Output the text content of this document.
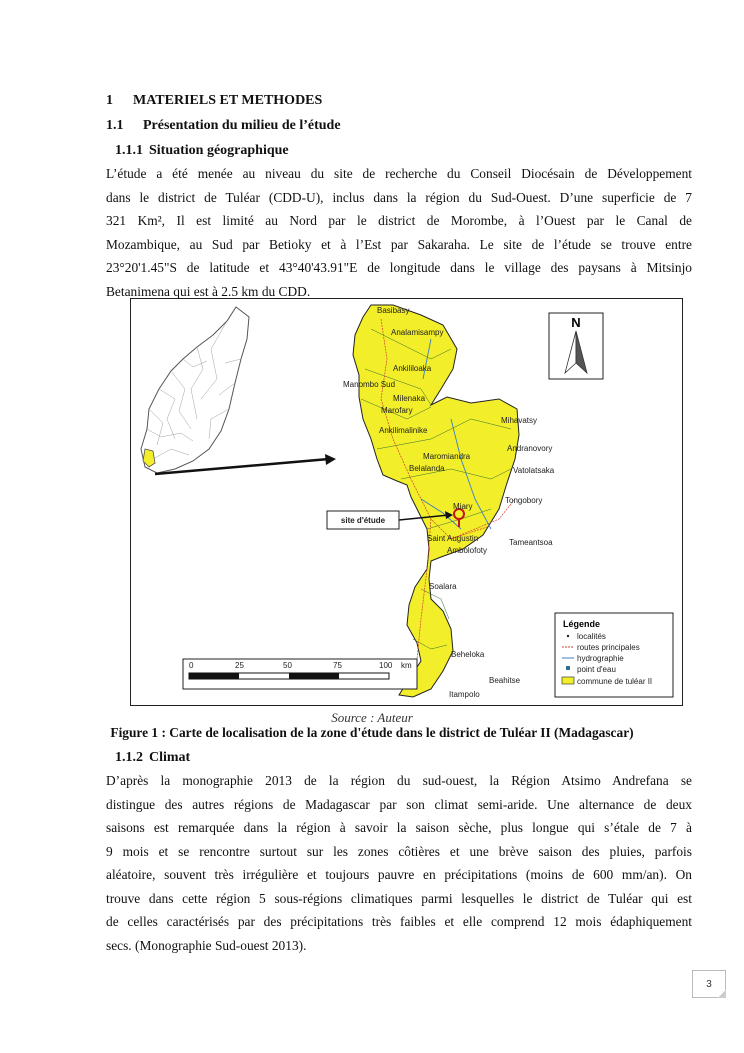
1 MATERIELS ET METHODES
1.1 Présentation du milieu de l’étude
1.1.1 Situation géographique
L’étude a été menée au niveau du site de recherche du Conseil Diocésain de Développement
dans le district de Tuléar (CDD-U), inclus dans la région du Sud-Ouest. D’une superficie de 7
321 Km², Il est limité au Nord par le district de Morombe, à l’Ouest par le Canal de
Mozambique, au Sud par Betioky et à l’Est par Sakaraha. Le site de l’étude se trouve entre
23°20'1.45"S de latitude et 43°40'43.91"E de longitude dans le village des paysans à Mitsinjo
Betanimena qui est à 2.5 km du CDD.
site d'étude
Basibasy
Analamisampy
Ankililoaka
Manombo Sud
Milenaka
Marofary
Ankilimalinike
Maromiandra
Belalanda
Miary
Saint Augustin
Ambolofoty
Soalara
Beheloka
Itampolo
Beahitse
Tameantsoa
Tongobory
Vatolatsaka
Andranovory
Mihavatsy
N
0	25	50	75	100 km
Légende
localités
routes principales
hydrographie
point d'eau
commune de tuléar II
Source : Auteur
Figure 1 : Carte de localisation de la zone d'étude dans le district de Tuléar II (Madagascar)
1.1.2 Climat
D’après la monographie 2013 de la région du sud-ouest, la Région Atsimo Andrefana se
distingue des autres régions de Madagascar par son climat semi-aride. Une alternance de deux
saisons est remarquée dans la région à savoir la saison sèche, plus longue qui s’étale de 7 à
9 mois et se rencontre surtout sur les zones côtières et une brève saison des pluies, parfois
aléatoire, souvent très irrégulière et toujours pauvre en précipitations (moins de 600 mm/an). On
trouve dans cette région 5 sous-régions climatiques parmi lesquelles le district de Tuléar qui est
de celles caractérisés par des précipitations très faibles et elle comprend 12 mois édaphiquement
secs. (Monographie Sud-ouest 2013).
3
